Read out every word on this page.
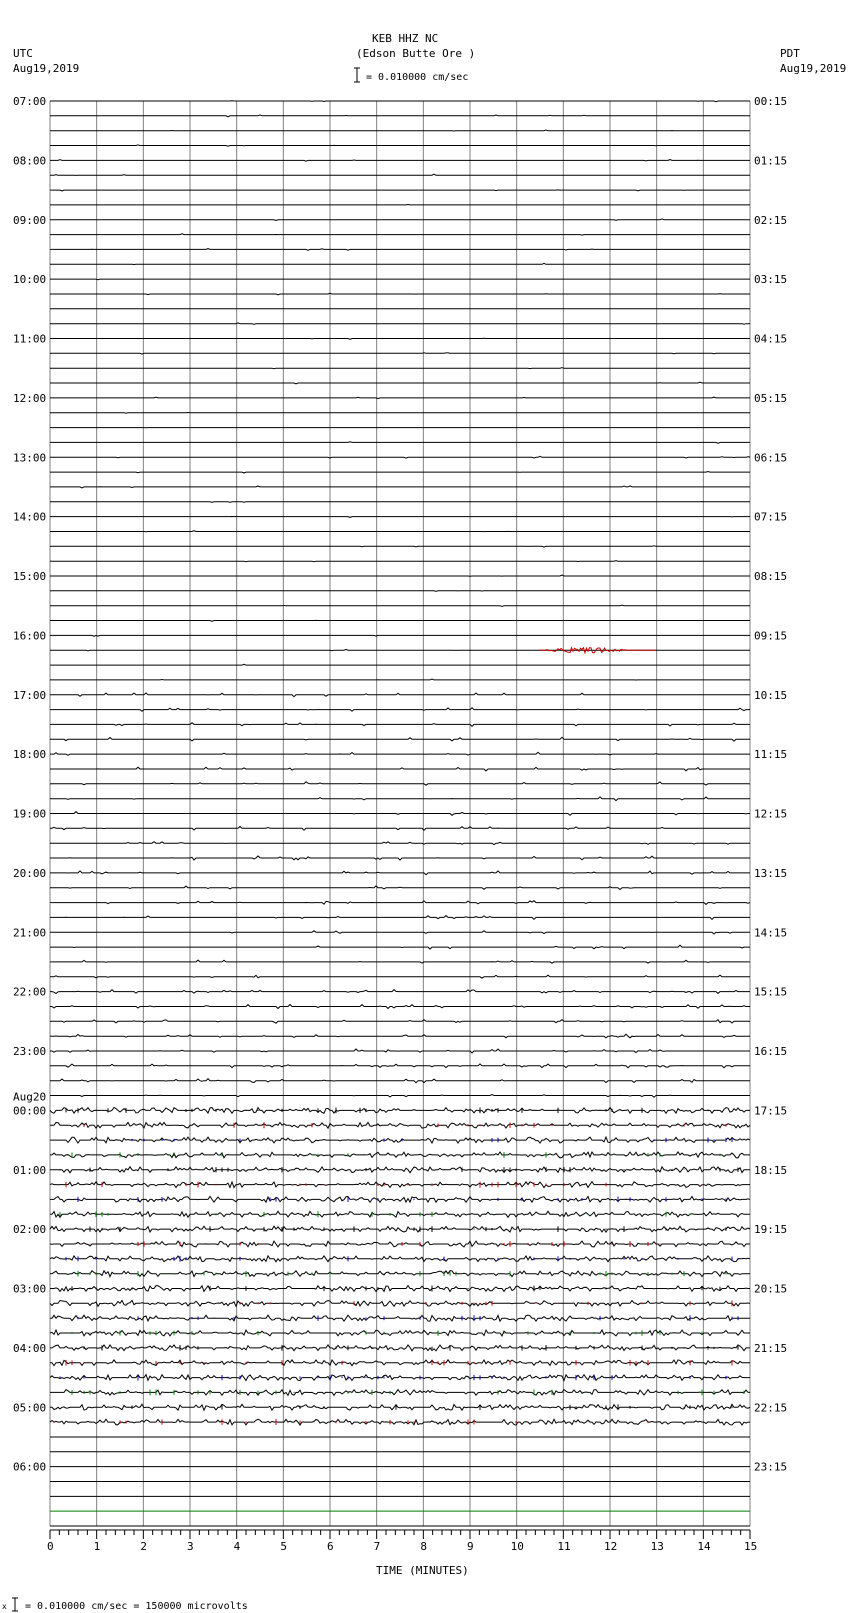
KEB HHZ NC
(Edson Butte Ore )
= 0.010000 cm/sec
UTC
Aug19,2019
PDT
Aug19,2019
07:00
08:00
09:00
10:00
11:00
12:00
13:00
14:00
15:00
16:00
17:00
18:00
19:00
20:00
21:00
22:00
23:00
00:00
Aug20
01:00
02:00
03:00
04:00
05:00
06:00
00:15
01:15
02:15
03:15
04:15
05:15
06:15
07:15
08:15
09:15
10:15
11:15
12:15
13:15
14:15
15:15
16:15
17:15
18:15
19:15
20:15
21:15
22:15
23:15
0	1	2	3	4	5	6	7	8	9	10	11	12	13	14	15
TIME (MINUTES)
x = 0.010000 cm/sec = 150000 microvolts
